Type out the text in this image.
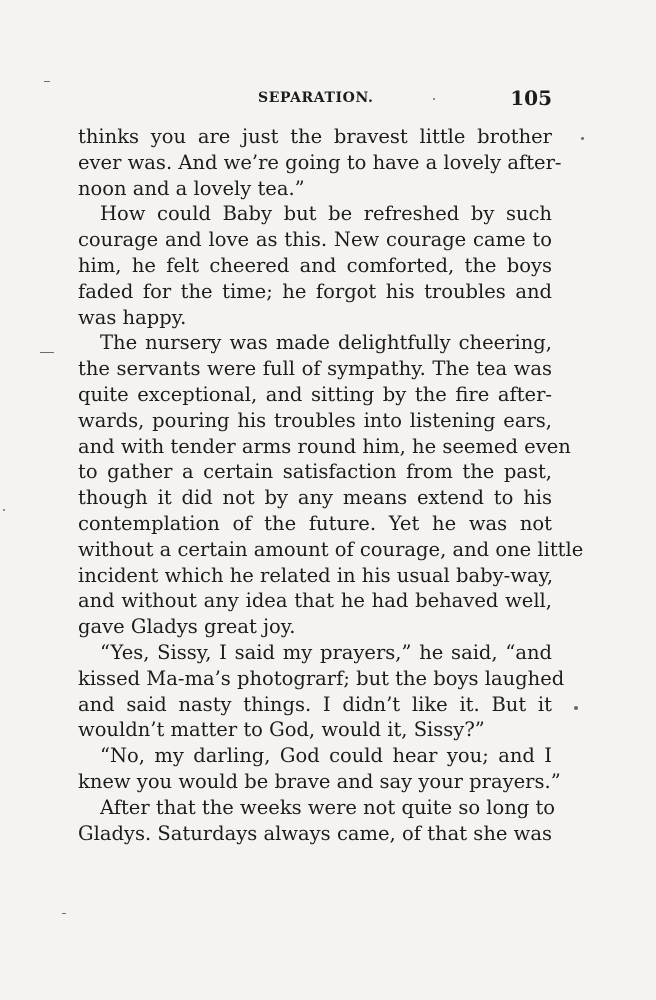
SEPARATION.	105
thinks you are just the bravest little brother
ever was. And we’re going to have a lovely after-
noon and a lovely tea.”
How could Baby but be refreshed by such
courage and love as this. New courage came to
him, he felt cheered and comforted, the boys
faded for the time; he forgot his troubles and
was happy.
The nursery was made delightfully cheering,
the servants were full of sympathy. The tea was
quite exceptional, and sitting by the fire after-
wards, pouring his troubles into listening ears,
and with tender arms round him, he seemed even
to gather a certain satisfaction from the past,
though it did not by any means extend to his
contemplation of the future. Yet he was not
without a certain amount of courage, and one little
incident which he related in his usual baby-way,
and without any idea that he had behaved well,
gave Gladys great joy.
“Yes, Sissy, I said my prayers,” he said, “and
kissed Ma-ma’s photograrf; but the boys laughed
and said nasty things. I didn’t like it. But it
wouldn’t matter to God, would it, Sissy?”
“No, my darling, God could hear you; and I
knew you would be brave and say your prayers.”
After that the weeks were not quite so long to
Gladys. Saturdays always came, of that she was
